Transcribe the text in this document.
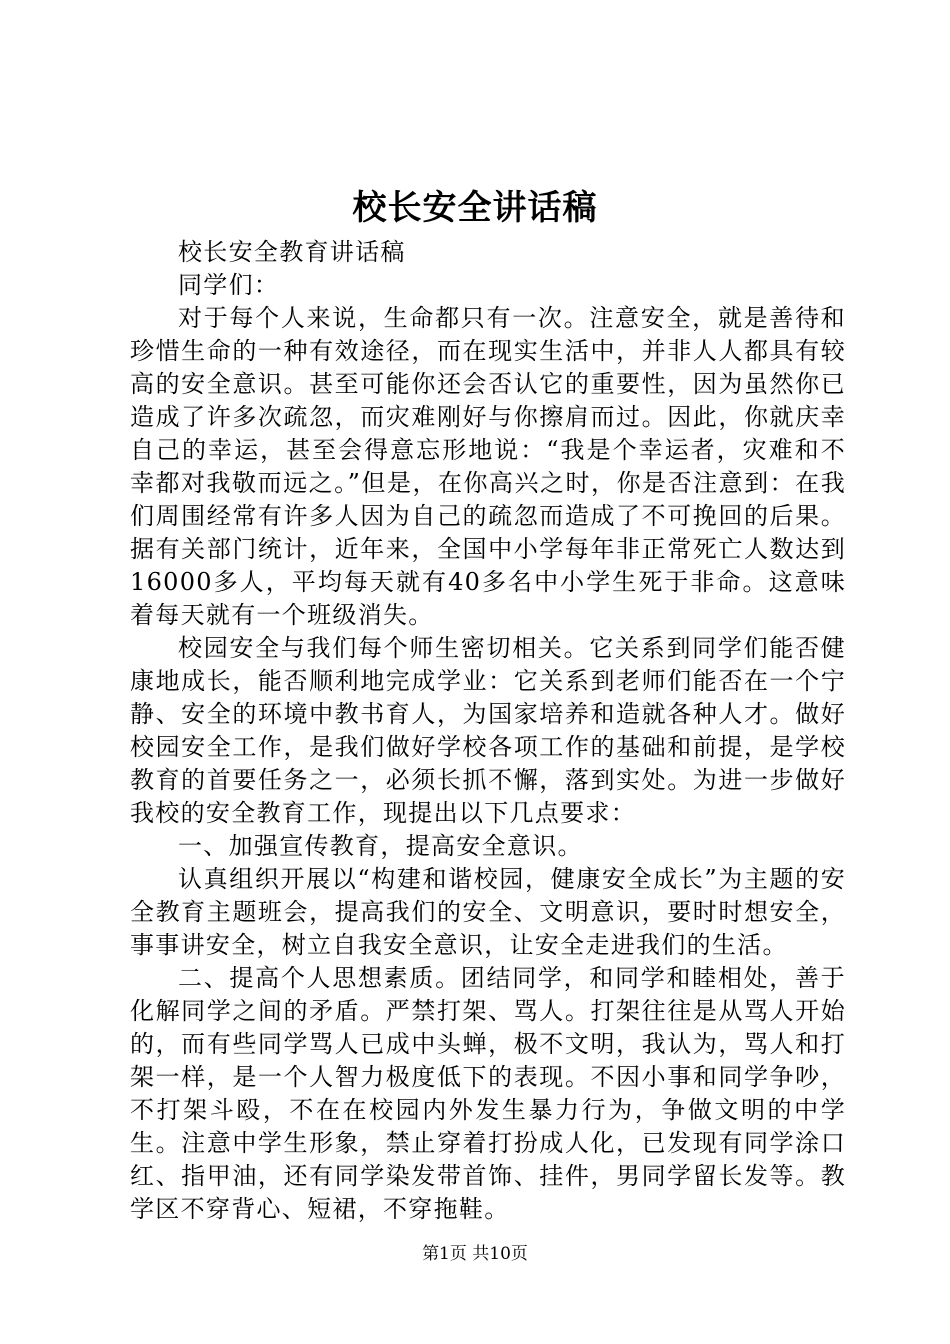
校长安全讲话稿

校长安全教育讲话稿

同学们：

对于每个人来说，生命都只有一次。注意安全，就是善待和珍惜生命的一种有效途径，而在现实生活中，并非人人都具有较高的安全意识。甚至可能你还会否认它的重要性，因为虽然你已造成了许多次疏忽，而灾难刚好与你擦肩而过。因此，你就庆幸自己的幸运，甚至会得意忘形地说：“我是个幸运者，灾难和不幸都对我敬而远之。”但是，在你高兴之时，你是否注意到：在我们周围经常有许多人因为自己的疏忽而造成了不可挽回的后果。据有关部门统计，近年来，全国中小学每年非正常死亡人数达到16000多人，平均每天就有40多名中小学生死于非命。这意味着每天就有一个班级消失。

校园安全与我们每个师生密切相关。它关系到同学们能否健康地成长，能否顺利地完成学业：它关系到老师们能否在一个宁静、安全的环境中教书育人，为国家培养和造就各种人才。做好校园安全工作，是我们做好学校各项工作的基础和前提，是学校教育的首要任务之一，必须长抓不懈，落到实处。为进一步做好我校的安全教育工作，现提出以下几点要求：

一、加强宣传教育，提高安全意识。

认真组织开展以“构建和谐校园，健康安全成长”为主题的安全教育主题班会，提高我们的安全、文明意识，要时时想安全，事事讲安全，树立自我安全意识，让安全走进我们的生活。

二、提高个人思想素质。团结同学，和同学和睦相处，善于化解同学之间的矛盾。严禁打架、骂人。打架往往是从骂人开始的，而有些同学骂人已成中头蝉，极不文明，我认为，骂人和打架一样，是一个人智力极度低下的表现。不因小事和同学争吵，不打架斗殴，不在在校园内外发生暴力行为，争做文明的中学生。注意中学生形象，禁止穿着打扮成人化，已发现有同学涂口红、指甲油，还有同学染发带首饰、挂件，男同学留长发等。教学区不穿背心、短裙，不穿拖鞋。

第1页 共10页
